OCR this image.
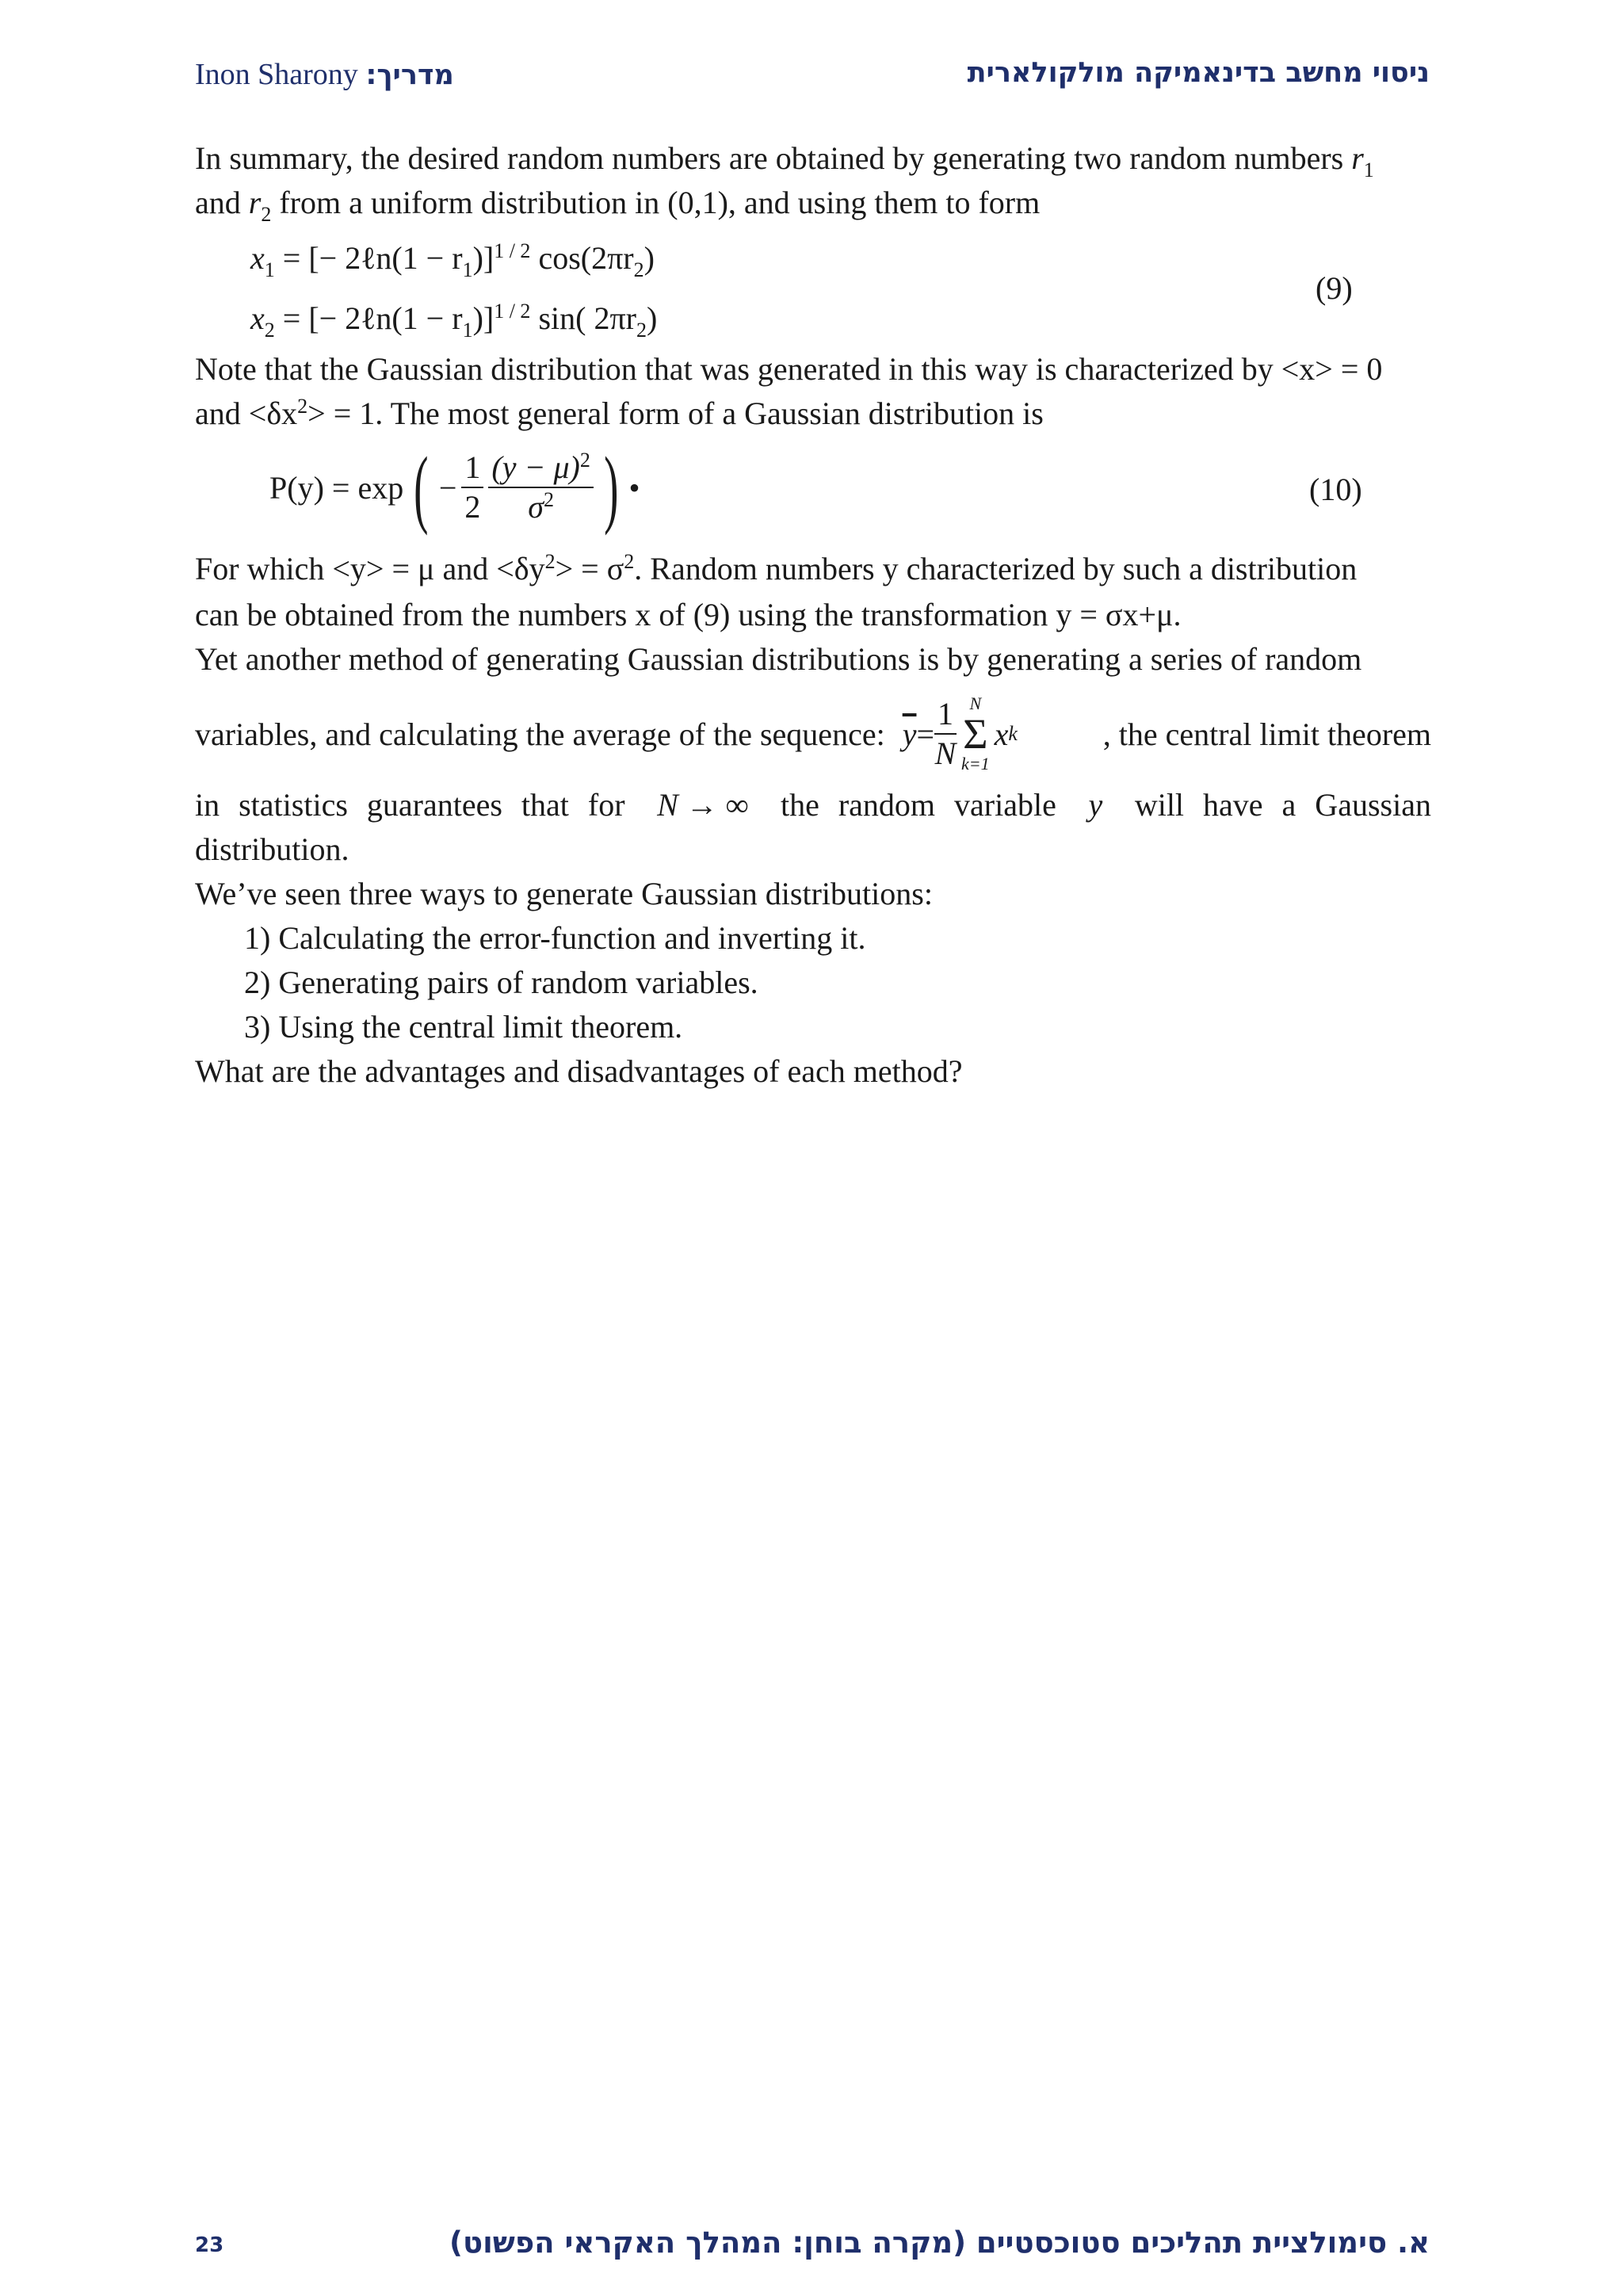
Inon Sharony :מדריך	ניסוי מחשב בדינאמיקה מולקולארית
In summary, the desired random numbers are obtained by generating two random numbers $r_1$
and $r_2$ from a uniform distribution in (0,1), and using them to form
$x_1$ = [− 2ℓn(1 − $r_1)]^{1 / 2}$ $\cos(2\pi r_2)$
$x_2$ = [− 2ℓn(1 − $r_1)]^{1 / 2}$ sin( $2\pi r_2$)
(9)
Note that the Gaussian distribution that was generated in this way is characterized by <x> = 0
and $<\delta x^2> = 1$. The most general form of a Gaussian distribution is
P(y) = exp ( − $\frac{1}{2} \frac{(y - \mu)^2}{\sigma^2}$ ) •	(10)
For which <y> = μ and $<\delta y^2> = \sigma^2$. Random numbers y characterized by such a distribution
can be obtained from the numbers x of (9) using the transformation y = σx+μ.
Yet another method of generating Gaussian distributions is by generating a series of random
variables, and calculating the average of the sequence: $\overline{y} = \frac{1}{N}$ N
Σ
k=1
x k	, the central limit theorem
in statistics guarantees that for N → ∞ the random variable y will have a Gaussian
distribution.
We’ve seen three ways to generate Gaussian distributions:
1) Calculating the error-function and inverting it.
2) Generating pairs of random variables.
3) Using the central limit theorem.
What are the advantages and disadvantages of each method?
23	א. סימולציית תהליכים סטוכסטיים (מקרה בוחן: המהלך האקראי הפשוט)
